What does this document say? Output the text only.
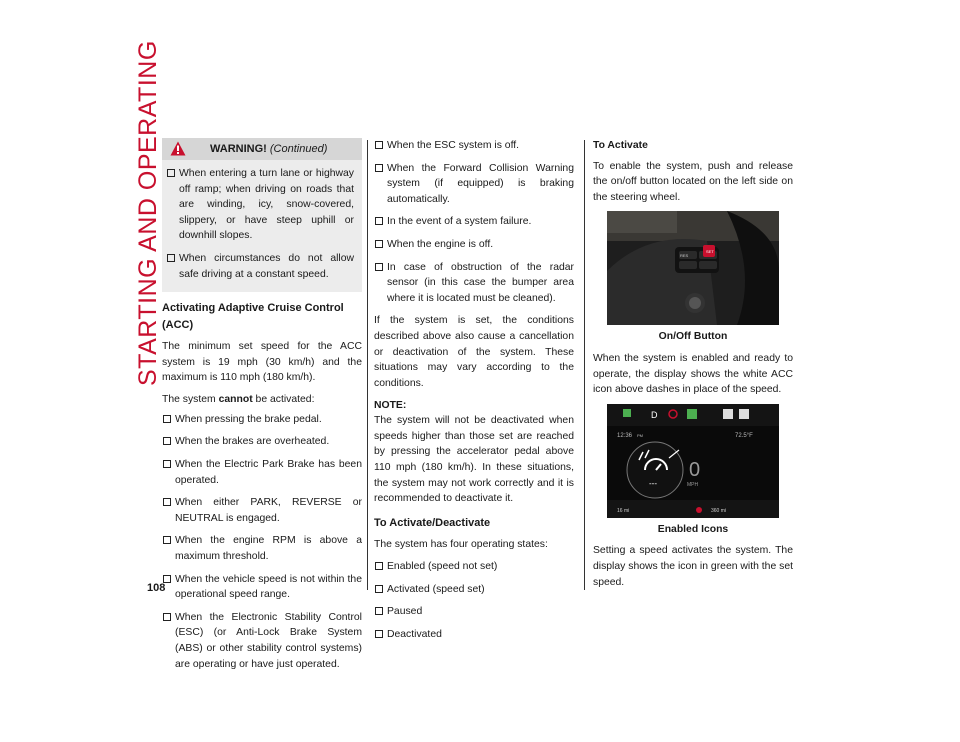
STARTING AND OPERATING
108
WARNING! (Continued)
When entering a turn lane or highway off ramp; when driving on roads that are winding, icy, snow-covered, slippery, or have steep uphill or downhill slopes.
When circumstances do not allow safe driving at a constant speed.
Activating Adaptive Cruise Control (ACC)

The minimum set speed for the ACC system is 19 mph (30 km/h) and the maximum is 110 mph (180 km/h).

The system cannot be activated:

When pressing the brake pedal.
When the brakes are overheated.
When the Electric Park Brake has been operated.
When either PARK, REVERSE or NEUTRAL is engaged.
When the engine RPM is above a maximum threshold.
When the vehicle speed is not within the operational speed range.
When the Electronic Stability Control (ESC) (or Anti-Lock Brake System (ABS) or other stability control systems) are operating or have just operated.
When the ESC system is off.
When the Forward Collision Warning system (if equipped) is braking automatically.
In the event of a system failure.
When the engine is off.
In case of obstruction of the radar sensor (in this case the bumper area where it is located must be cleaned).

If the system is set, the conditions described above also cause a cancellation or deactivation of the system. These situations may vary according to the conditions.

NOTE:

The system will not be deactivated when speeds higher than those set are reached by pressing the accelerator pedal above 110 mph (180 km/h). In these situations, the system may not work correctly and it is recommended to deactivate it.

To Activate/Deactivate

The system has four operating states:

Enabled (speed not set)
Activated (speed set)
Paused
Deactivated
To Activate

To enable the system, push and release the on/off button located on the left side on the steering wheel.

SET
RES
On/Off Button

When the system is enabled and ready to operate, the display shows the white ACC icon above dashes in place of the speed.

D
12:36 PM	72.5°F
0
MPH
---
16 mi	360 mi
Enabled Icons

Setting a speed activates the system. The display shows the icon in green with the set speed.
